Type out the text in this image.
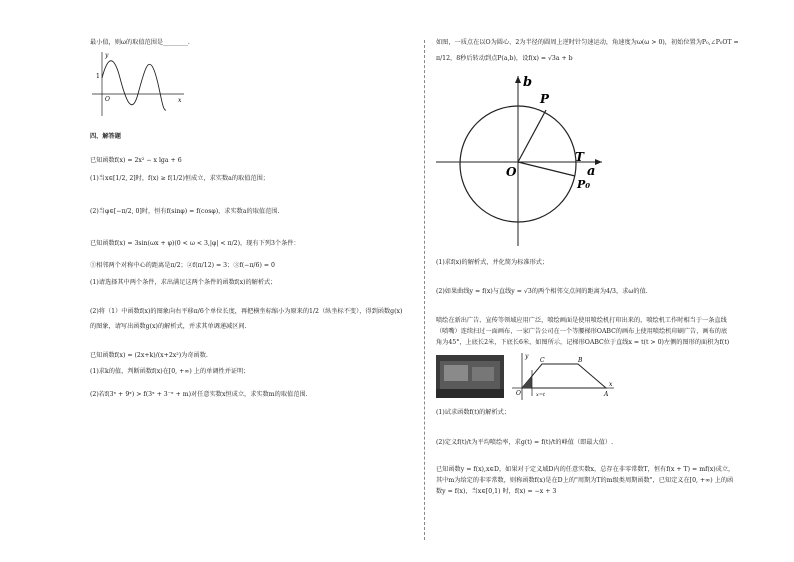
最小值，则ω的取值范围是________.
1
y
x
O
四、解答题
已知函数f(x) = 2x² − x lga + 6
(1)当x∈[1/2, 2]时，f(x) ≥ f(1/2)恒成立，求实数a的取值范围；
(2)当φ∈[−π/2, 0]时，恒有f(sinφ) = f(cosφ)，求实数a的取值范围.
已知函数f(x) = 3sin(ωx + φ)(0 < ω < 3,|φ| < π/2)，现有下列3个条件：
①相邻两个对称中心的距离是π/2；②f(π/12) = 3；③f(−π/6) = 0
(1)请选择其中两个条件，求出满足这两个条件的函数f(x)的解析式；
(2)将（1）中函数f(x)的图象向右平移π/6个单位长度，再把横坐标缩小为原来的1/2（纵坐标不变），得到函数g(x)
的图象，请写出函数g(x)的解析式，并求其单调递减区间.
已知函数f(x) = (2x+k)/(x+2x²)为奇函数.
(1)求k的值，判断函数f(x)在[0, +∞) 上的单调性并证明；
(2)若f(3ˣ + 9ˣ) > f(3ˣ + 3⁻ˣ + m)对任意实数x恒成立，求实数m的取值范围.
如图，一质点在以O为圆心、2为半径的圆周上逆时针匀速运动，角速度为ω(ω > 0)，初始位置为P₀,∠P₀OT =
π/12，8秒后转动到点P(a,b)，设f(x) = √3a + b
b
P
T
a
O
P₀
(1)求f(x)的解析式，并化简为标准形式；
(2)如果曲线y = f(x)与直线y = √3的两个相邻交点间的距离为4/3，求ω的值.
喷绘在新出广告、宣传等领域应用广泛，喷绘画面是使用喷绘机打印出来的，喷绘机工作时相当于一条直线
（喷嘴）连续扫过一面画布，一家广告公司在一个等腰梯形OABC的画布上使用喷绘机印刷广告，画布的底
角为45°，上底长2米，下底长6米，如图所示，记梯形OABC位于直线x = t(t > 0)左侧的图形的面积为f(t)
O
y
x
C	B
A
x=t
(1)试求函数f(t)的解析式；
(2)定义f(t)/t为平均喷绘率，求g(t) = f(t)/t的峰值（即最大值）.
已知函数y = f(x),x∈D，如果对于定义域D内的任意实数x，总存在非零常数T，恒有f(x + T) = mf(x)成立，
其中m为给定的非零常数，则称函数f(x)是在D上的"周期为T的m级类周期函数"，已知定义在[0, +∞) 上的函
数y = f(x)，当x∈[0,1) 时，f(x) = −x + 3
